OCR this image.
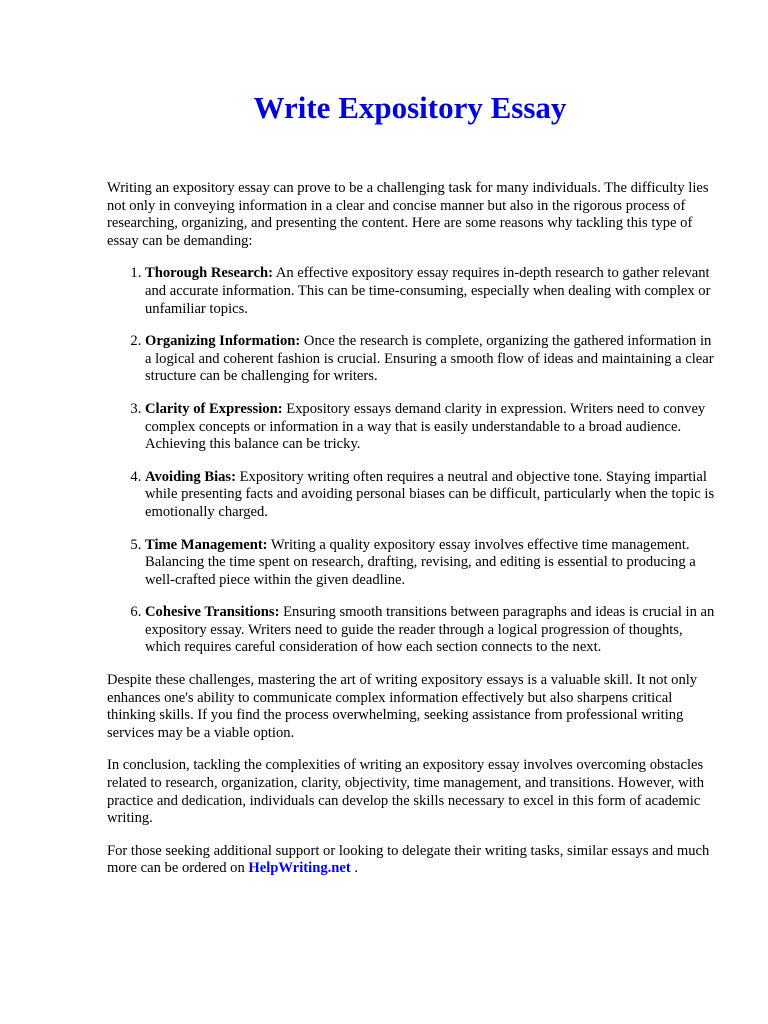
Write Expository Essay

Writing an expository essay can prove to be a challenging task for many individuals. The difficulty lies not only in conveying information in a clear and concise manner but also in the rigorous process of researching, organizing, and presenting the content. Here are some reasons why tackling this type of essay can be demanding:

1. Thorough Research: An effective expository essay requires in-depth research to gather relevant and accurate information. This can be time-consuming, especially when dealing with complex or unfamiliar topics.
2. Organizing Information: Once the research is complete, organizing the gathered information in a logical and coherent fashion is crucial. Ensuring a smooth flow of ideas and maintaining a clear structure can be challenging for writers.
3. Clarity of Expression: Expository essays demand clarity in expression. Writers need to convey complex concepts or information in a way that is easily understandable to a broad audience. Achieving this balance can be tricky.
4. Avoiding Bias: Expository writing often requires a neutral and objective tone. Staying impartial while presenting facts and avoiding personal biases can be difficult, particularly when the topic is emotionally charged.
5. Time Management: Writing a quality expository essay involves effective time management. Balancing the time spent on research, drafting, revising, and editing is essential to producing a well-crafted piece within the given deadline.
6. Cohesive Transitions: Ensuring smooth transitions between paragraphs and ideas is crucial in an expository essay. Writers need to guide the reader through a logical progression of thoughts, which requires careful consideration of how each section connects to the next.

Despite these challenges, mastering the art of writing expository essays is a valuable skill. It not only enhances one's ability to communicate complex information effectively but also sharpens critical thinking skills. If you find the process overwhelming, seeking assistance from professional writing services may be a viable option.

In conclusion, tackling the complexities of writing an expository essay involves overcoming obstacles related to research, organization, clarity, objectivity, time management, and transitions. However, with practice and dedication, individuals can develop the skills necessary to excel in this form of academic writing.

For those seeking additional support or looking to delegate their writing tasks, similar essays and much more can be ordered on HelpWriting.net .
